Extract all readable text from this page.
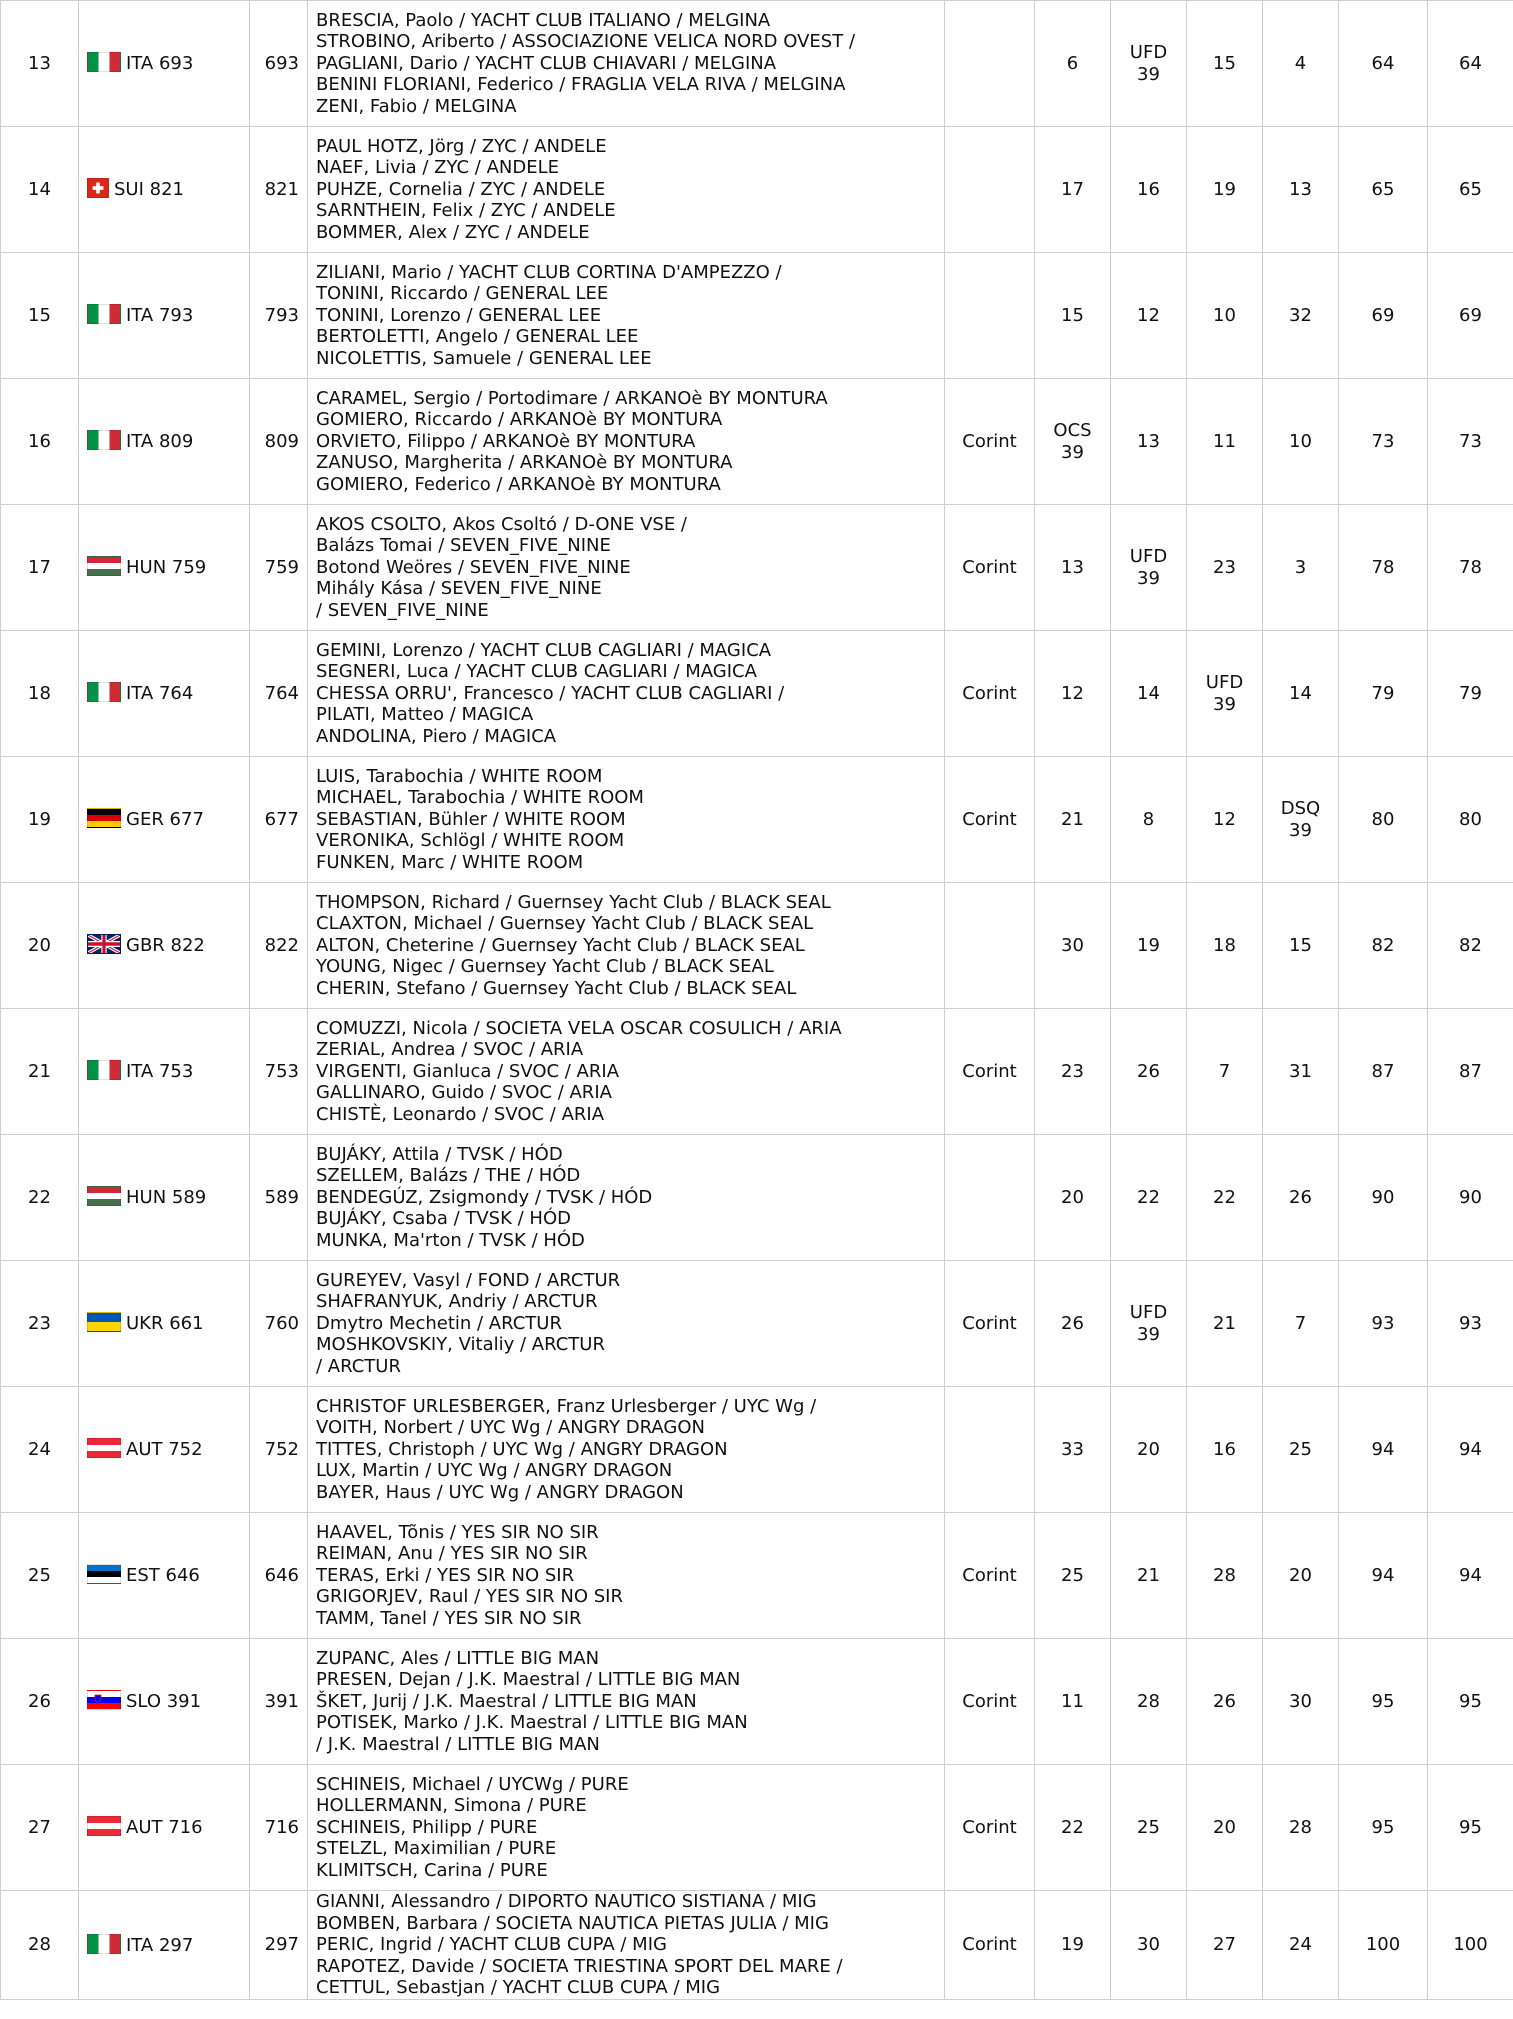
13	ITA 693	693	BRESCIA, Paolo / YACHT CLUB ITALIANO / MELGINA
STROBINO, Ariberto / ASSOCIAZIONE VELICA NORD OVEST /
PAGLIANI, Dario / YACHT CLUB CHIAVARI / MELGINA
BENINI FLORIANI, Federico / FRAGLIA VELA RIVA / MELGINA
ZENI, Fabio / MELGINA		6	UFD
39	15	4	64	64
14	SUI 821	821	PAUL HOTZ, Jörg / ZYC / ANDELE
NAEF, Livia / ZYC / ANDELE
PUHZE, Cornelia / ZYC / ANDELE
SARNTHEIN, Felix / ZYC / ANDELE
BOMMER, Alex / ZYC / ANDELE		17	16	19	13	65	65
15	ITA 793	793	ZILIANI, Mario / YACHT CLUB CORTINA D'AMPEZZO /
TONINI, Riccardo / GENERAL LEE
TONINI, Lorenzo / GENERAL LEE
BERTOLETTI, Angelo / GENERAL LEE
NICOLETTIS, Samuele / GENERAL LEE		15	12	10	32	69	69
16	ITA 809	809	CARAMEL, Sergio / Portodimare / ARKANOè BY MONTURA
GOMIERO, Riccardo / ARKANOè BY MONTURA
ORVIETO, Filippo / ARKANOè BY MONTURA
ZANUSO, Margherita / ARKANOè BY MONTURA
GOMIERO, Federico / ARKANOè BY MONTURA	Corint	OCS
39	13	11	10	73	73
17	HUN 759	759	AKOS CSOLTO, Akos Csoltó / D-ONE VSE /
Balázs Tomai / SEVEN_FIVE_NINE
Botond Weöres / SEVEN_FIVE_NINE
Mihály Kása / SEVEN_FIVE_NINE
/ SEVEN_FIVE_NINE	Corint	13	UFD
39	23	3	78	78
18	ITA 764	764	GEMINI, Lorenzo / YACHT CLUB CAGLIARI / MAGICA
SEGNERI, Luca / YACHT CLUB CAGLIARI / MAGICA
CHESSA ORRU', Francesco / YACHT CLUB CAGLIARI /
PILATI, Matteo / MAGICA
ANDOLINA, Piero / MAGICA	Corint	12	14	UFD
39	14	79	79
19	GER 677	677	LUIS, Tarabochia / WHITE ROOM
MICHAEL, Tarabochia / WHITE ROOM
SEBASTIAN, Bühler / WHITE ROOM
VERONIKA, Schlögl / WHITE ROOM
FUNKEN, Marc / WHITE ROOM	Corint	21	8	12	DSQ
39	80	80
20	GBR 822	822	THOMPSON, Richard / Guernsey Yacht Club / BLACK SEAL
CLAXTON, Michael / Guernsey Yacht Club / BLACK SEAL
ALTON, Cheterine / Guernsey Yacht Club / BLACK SEAL
YOUNG, Nigec / Guernsey Yacht Club / BLACK SEAL
CHERIN, Stefano / Guernsey Yacht Club / BLACK SEAL		30	19	18	15	82	82
21	ITA 753	753	COMUZZI, Nicola / SOCIETA VELA OSCAR COSULICH / ARIA
ZERIAL, Andrea / SVOC / ARIA
VIRGENTI, Gianluca / SVOC / ARIA
GALLINARO, Guido / SVOC / ARIA
CHISTÈ, Leonardo / SVOC / ARIA	Corint	23	26	7	31	87	87
22	HUN 589	589	BUJÁKY, Attila / TVSK / HÓD
SZELLEM, Balázs / THE / HÓD
BENDEGÚZ, Zsigmondy / TVSK / HÓD
BUJÁKY, Csaba / TVSK / HÓD
MUNKA, Ma'rton / TVSK / HÓD		20	22	22	26	90	90
23	UKR 661	760	GUREYEV, Vasyl / FOND / ARCTUR
SHAFRANYUK, Andriy / ARCTUR
Dmytro Mechetin / ARCTUR
MOSHKOVSKIY, Vitaliy / ARCTUR
/ ARCTUR	Corint	26	UFD
39	21	7	93	93
24	AUT 752	752	CHRISTOF URLESBERGER, Franz Urlesberger / UYC Wg /
VOITH, Norbert / UYC Wg / ANGRY DRAGON
TITTES, Christoph / UYC Wg / ANGRY DRAGON
LUX, Martin / UYC Wg / ANGRY DRAGON
BAYER, Haus / UYC Wg / ANGRY DRAGON		33	20	16	25	94	94
25	EST 646	646	HAAVEL, Tõnis / YES SIR NO SIR
REIMAN, Anu / YES SIR NO SIR
TERAS, Erki / YES SIR NO SIR
GRIGORJEV, Raul / YES SIR NO SIR
TAMM, Tanel / YES SIR NO SIR	Corint	25	21	28	20	94	94
26	SLO 391	391	ZUPANC, Ales / LITTLE BIG MAN
PRESEN, Dejan / J.K. Maestral / LITTLE BIG MAN
ŠKET, Jurij / J.K. Maestral / LITTLE BIG MAN
POTISEK, Marko / J.K. Maestral / LITTLE BIG MAN
/ J.K. Maestral / LITTLE BIG MAN	Corint	11	28	26	30	95	95
27	AUT 716	716	SCHINEIS, Michael / UYCWg / PURE
HOLLERMANN, Simona / PURE
SCHINEIS, Philipp / PURE
STELZL, Maximilian / PURE
KLIMITSCH, Carina / PURE	Corint	22	25	20	28	95	95
28	ITA 297	297	GIANNI, Alessandro / DIPORTO NAUTICO SISTIANA / MIG
BOMBEN, Barbara / SOCIETA NAUTICA PIETAS JULIA / MIG
PERIC, Ingrid / YACHT CLUB CUPA / MIG
RAPOTEZ, Davide / SOCIETA TRIESTINA SPORT DEL MARE /
CETTUL, Sebastjan / YACHT CLUB CUPA / MIG	Corint	19	30	27	24	100	100
